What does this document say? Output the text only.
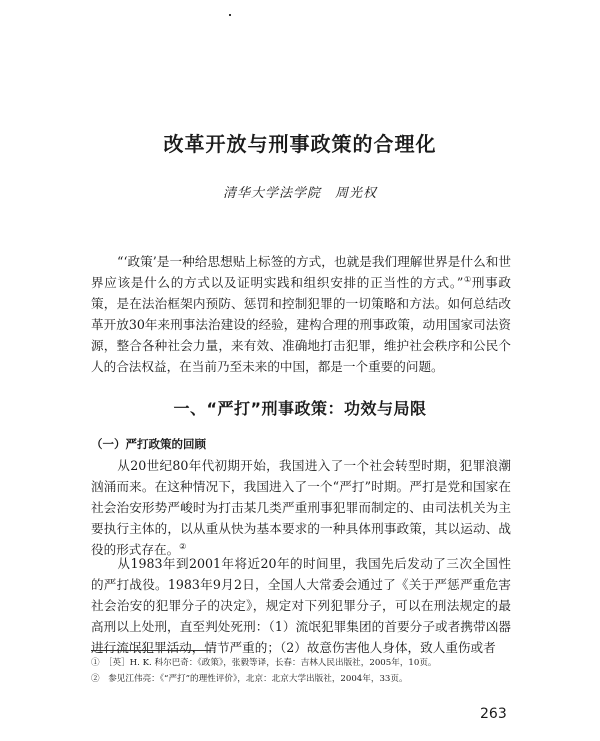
改革开放与刑事政策的合理化
清华大学法学院　周光权

“‘政策’是一种给思想贴上标签的方式，也就是我们理解世界是什么和世界应该是什么的方式以及证明实践和组织安排的正当性的方式。”①刑事政策，是在法治框架内预防、惩罚和控制犯罪的一切策略和方法。如何总结改革开放30年来刑事法治建设的经验，建构合理的刑事政策，动用国家司法资源，整合各种社会力量，来有效、准确地打击犯罪，维护社会秩序和公民个人的合法权益，在当前乃至未来的中国，都是一个重要的问题。

一、“严打”刑事政策：功效与局限
（一）严打政策的回顾

从20世纪80年代初期开始，我国进入了一个社会转型时期，犯罪浪潮汹涌而来。在这种情况下，我国进入了一个“严打”时期。严打是党和国家在社会治安形势严峻时为打击某几类严重刑事犯罪而制定的、由司法机关为主要执行主体的，以从重从快为基本要求的一种具体刑事政策，其以运动、战役的形式存在。②

从1983年到2001年将近20年的时间里，我国先后发动了三次全国性的严打战役。1983年9月2日，全国人大常委会通过了《关于严惩严重危害社会治安的犯罪分子的决定》，规定对下列犯罪分子，可以在刑法规定的最高刑以上处刑，直至判处死刑：（1）流氓犯罪集团的首要分子或者携带凶器进行流氓犯罪活动，情节严重的；（2）故意伤害他人身体，致人重伤或者

①　［英］H. K. 科尔巴奇：《政策》，张毅等译，长春：吉林人民出版社，2005年，10页。
②　参见江伟亮：《“严打”的理性评价》，北京：北京大学出版社，2004年，33页。
263
